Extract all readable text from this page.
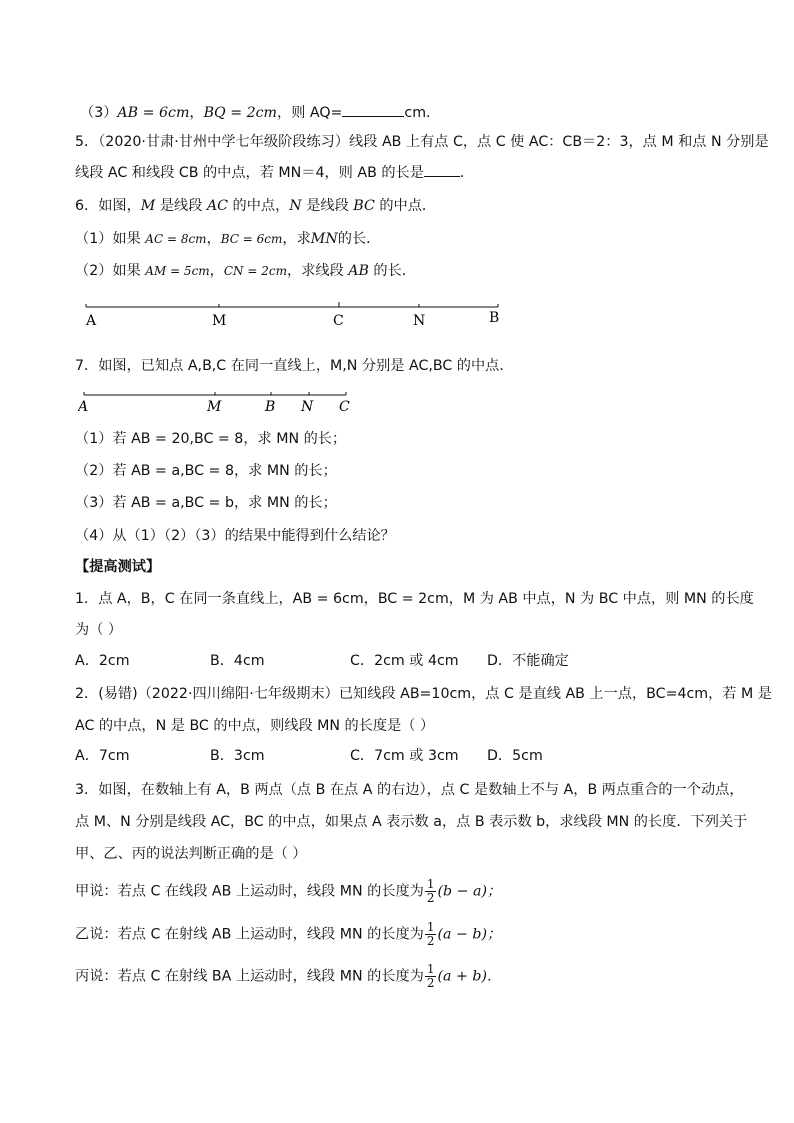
（3）AB = 6cm，BQ = 2cm，则 AQ=	cm.
5．（2020·甘肃·甘州中学七年级阶段练习）线段 AB 上有点 C，点 C 使 AC：CB＝2：3，点 M 和点 N 分别是
线段 AC 和线段 CB 的中点，若 MN＝4，则 AB 的长是	．
6．如图，M 是线段 AC 的中点，N 是线段 BC 的中点．
（1）如果 AC = 8cm，BC = 6cm，求MN的长．
（2）如果 AM = 5cm，CN = 2cm，求线段 AB 的长．
A	M	C	N	B
7．如图，已知点 A,B,C 在同一直线上，M,N 分别是 AC,BC 的中点．
A	M	B N C
（1）若 AB = 20,BC = 8，求 MN 的长；
（2）若 AB = a,BC = 8，求 MN 的长；
（3）若 AB = a,BC = b，求 MN 的长；
（4）从（1）（2）（3）的结果中能得到什么结论？
【提高测试】
1．点 A，B，C 在同一条直线上，AB = 6cm，BC = 2cm，M 为 AB 中点，N 为 BC 中点，则 MN 的长度
为（ ）
A．2cm	B．4cm	C．2cm 或 4cm D．不能确定
2．(易错)（2022·四川绵阳·七年级期末）已知线段 AB=10cm，点 C 是直线 AB 上一点，BC=4cm，若 M 是
AC 的中点，N 是 BC 的中点，则线段 MN 的长度是（ ）
A．7cm	B．3cm	C．7cm 或 3cm D．5cm
3．如图，在数轴上有 A，B 两点（点 B 在点 A 的右边），点 C 是数轴上不与 A，B 两点重合的一个动点，
点 M、N 分别是线段 AC，BC 的中点，如果点 A 表示数 a，点 B 表示数 b，求线段 MN 的长度．下列关于
甲、乙、丙的说法判断正确的是（ ）
甲说：若点 C 在线段 AB 上运动时，线段 MN 的长度为 $\frac{1}{2} (b - a)$；
乙说：若点 C 在射线 AB 上运动时，线段 MN 的长度为 $\frac{1}{2} (a - b)$；
丙说：若点 C 在射线 BA 上运动时，线段 MN 的长度为 $\frac{1}{2} (a + b)$．
